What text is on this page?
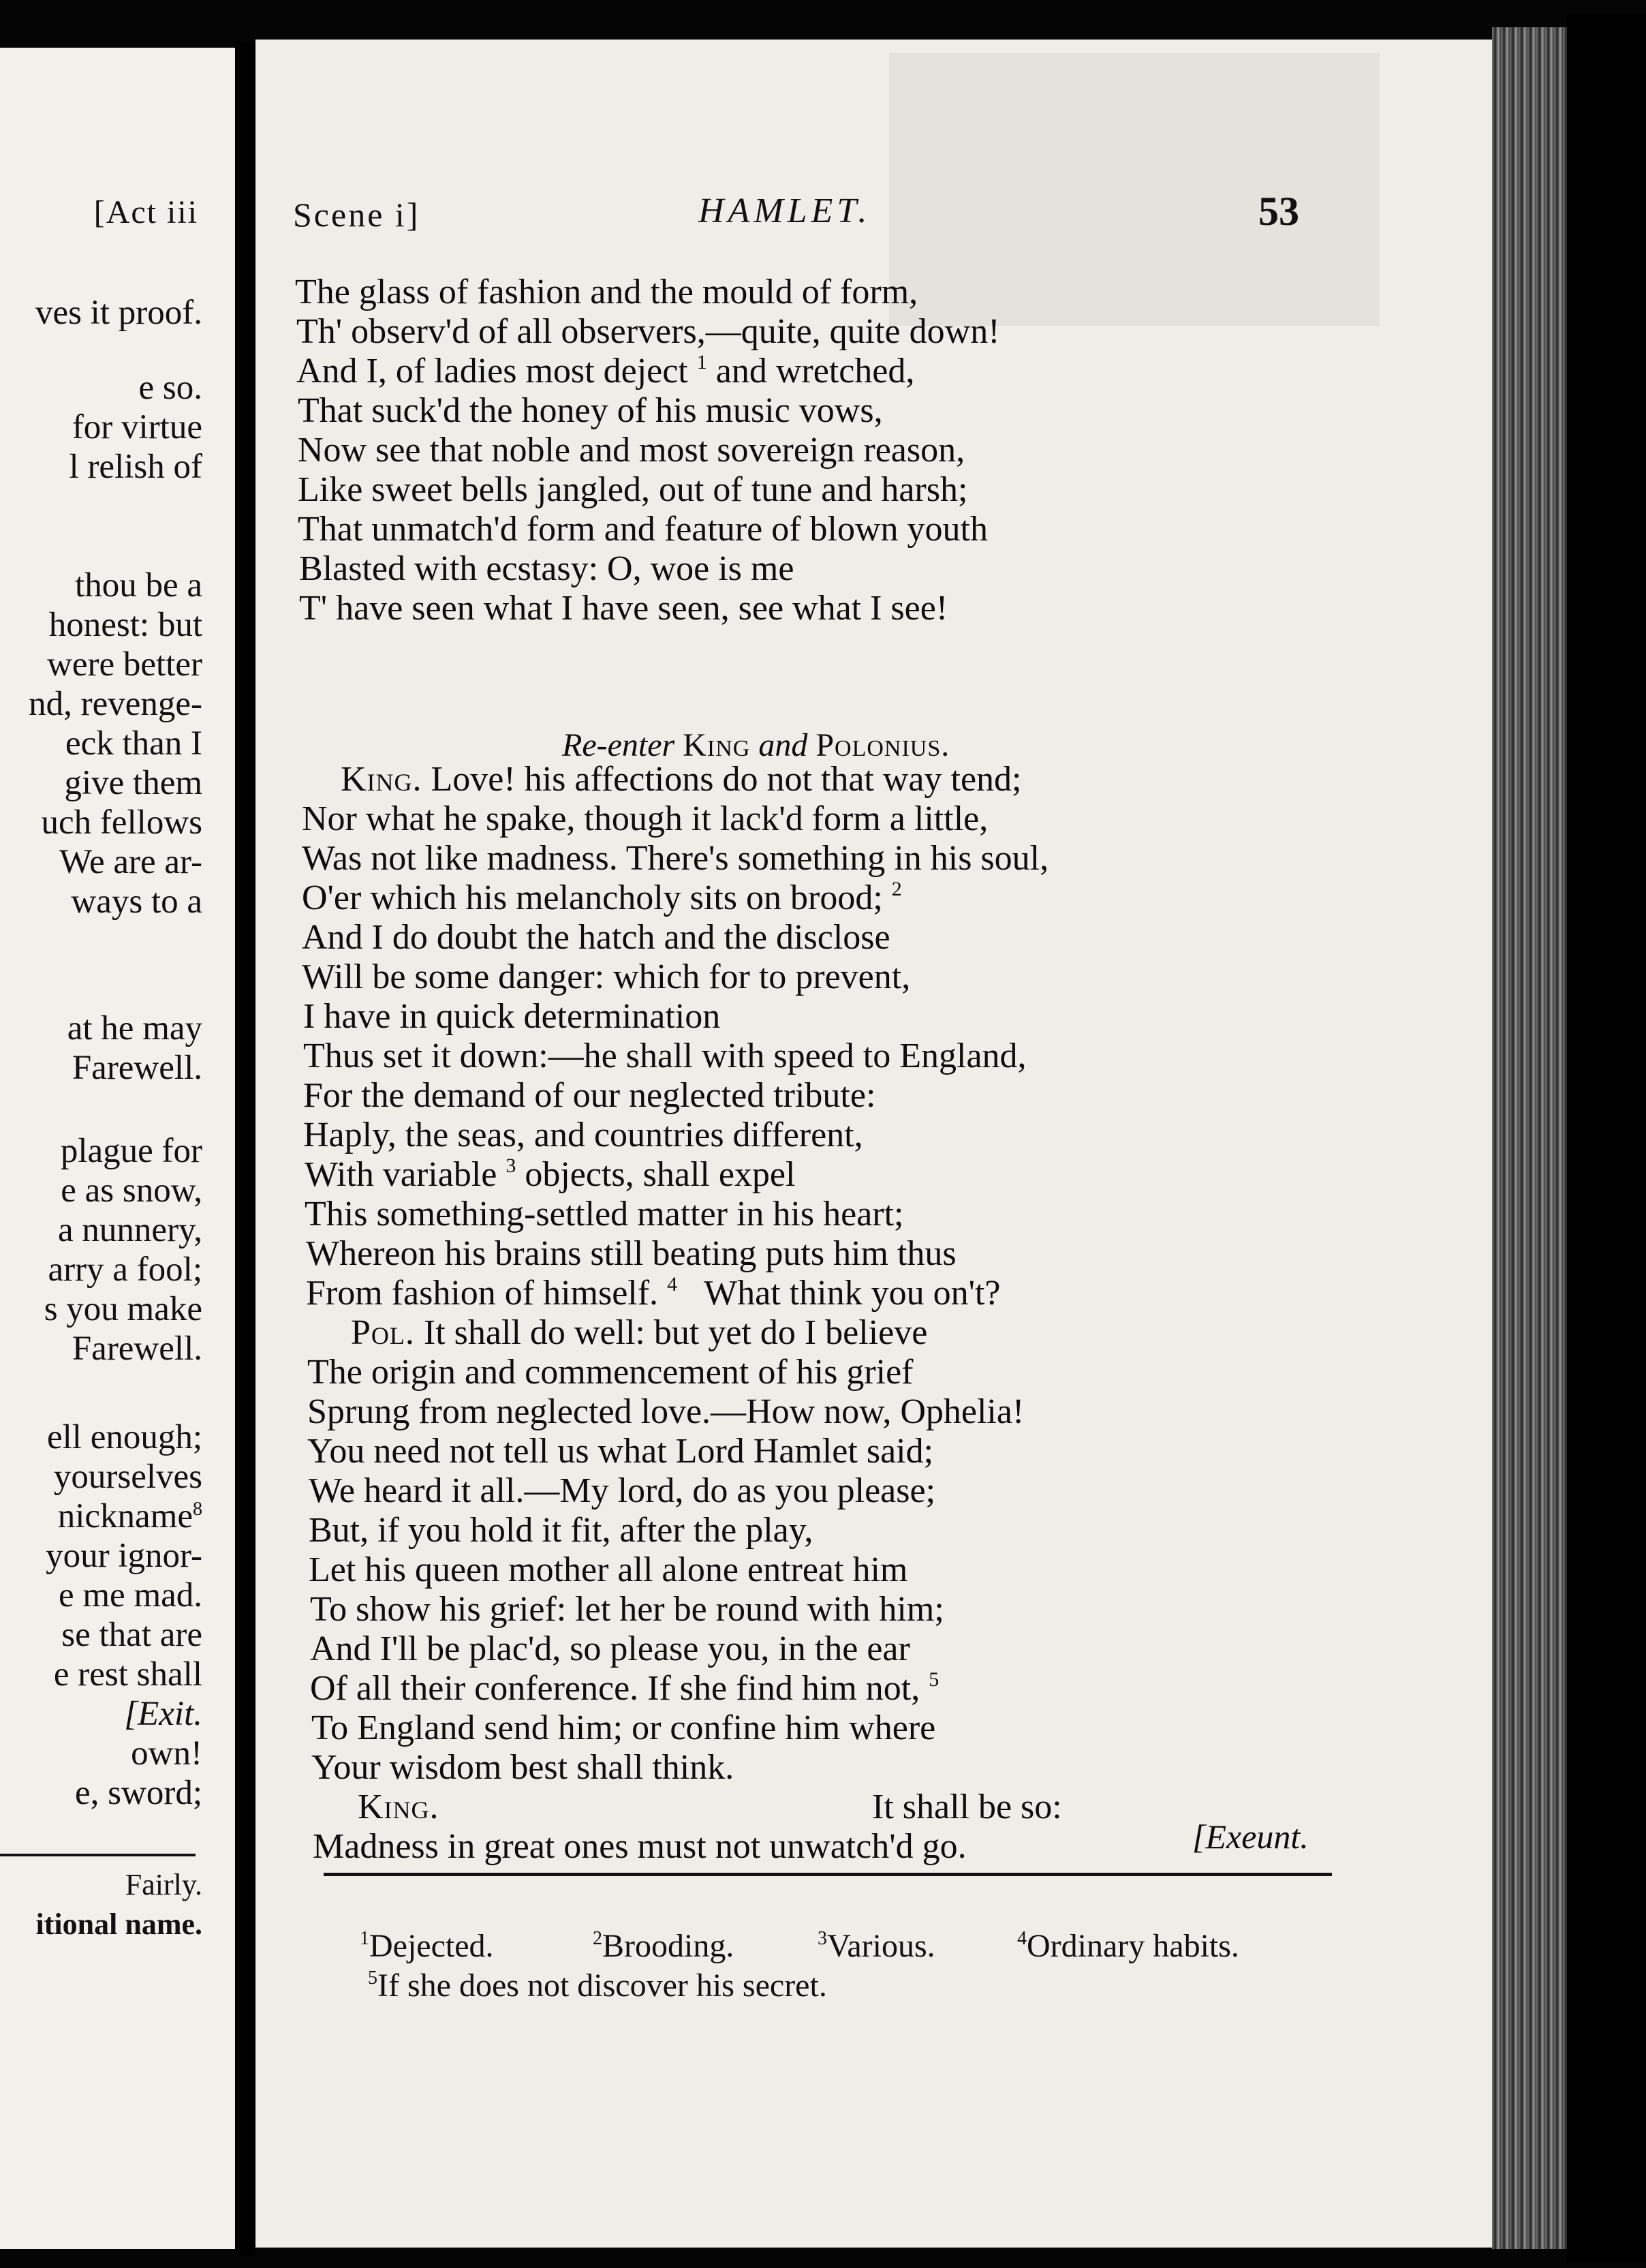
[Act iii
ves it proof.
e so.
for virtue
l relish of
thou be a
honest: but
were better
nd, revenge-
eck than I
give them
uch fellows
We are ar-
ways to a
at he may
Farewell.
plague for
e as snow,
a nunnery,
arry a fool;
s you make
Farewell.
ell enough;
yourselves
nickname$^8$
your ignor-
e me mad.
se that are
e rest shall
[Exit.
own!
e, sword;
Fairly.
itional name.
Scene i]	HAMLET.	53
The glass of fashion and the mould of form,
Th' observ'd of all observers,—quite, quite down!
And I, of ladies most deject $^1$ and wretched,
That suck'd the honey of his music vows,
Now see that noble and most sovereign reason,
Like sweet bells jangled, out of tune and harsh;
That unmatch'd form and feature of blown youth
Blasted with ecstasy: O, woe is me
T' have seen what I have seen, see what I see!
King. Love! his affections do not that way tend;
Nor what he spake, though it lack'd form a little,
Was not like madness. There's something in his soul,
O'er which his melancholy sits on brood; $^2$
And I do doubt the hatch and the disclose
Will be some danger: which for to prevent,
I have in quick determination
Thus set it down:—he shall with speed to England,
For the demand of our neglected tribute:
Haply, the seas, and countries different,
With variable $^3$ objects, shall expel
This something-settled matter in his heart;
Whereon his brains still beating puts him thus
From fashion of himself. $^4$ What think you on't?
Pol. It shall do well: but yet do I believe
The origin and commencement of his grief
Sprung from neglected love.—How now, Ophelia!
You need not tell us what Lord Hamlet said;
We heard it all.—My lord, do as you please;
But, if you hold it fit, after the play,
Let his queen mother all alone entreat him
To show his grief: let her be round with him;
And I'll be plac'd, so please you, in the ear
Of all their conference. If she find him not, $^5$
To England send him; or confine him where
Your wisdom best shall think.
King.	It shall be so:
Madness in great ones must not unwatch'd go.
Re-enter King and Polonius.
[Exeunt.
$^1$Dejected.	$^2$Brooding.	$^3$Various.	$^4$Ordinary habits.
$^5$If she does not discover his secret.
